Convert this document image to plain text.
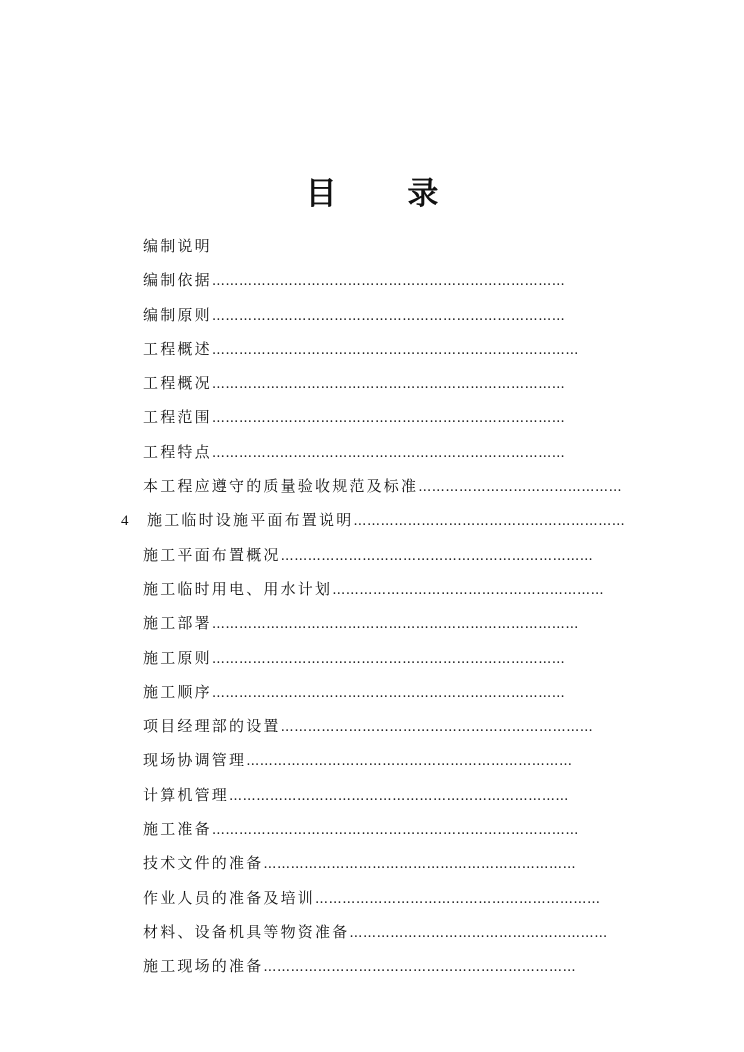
目 录
编制说明
编制依据……………………………………………………………………
编制原则……………………………………………………………………
工程概述………………………………………………………………………
工程概况……………………………………………………………………
工程范围……………………………………………………………………
工程特点……………………………………………………………………
本工程应遵守的质量验收规范及标准………………………………………
4 施工临时设施平面布置说明……………………………………………………
施工平面布置概况……………………………………………………………
施工临时用电、用水计划……………………………………………………
施工部署………………………………………………………………………
施工原则……………………………………………………………………
施工顺序……………………………………………………………………
项目经理部的设置……………………………………………………………
现场协调管理………………………………………………………………
计算机管理…………………………………………………………………
施工准备………………………………………………………………………
技术文件的准备……………………………………………………………
作业人员的准备及培训………………………………………………………
材料、设备机具等物资准备…………………………………………………
施工现场的准备……………………………………………………………
